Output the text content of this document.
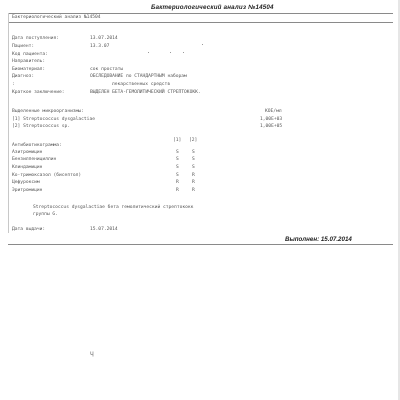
Бактериологический анализ №14504
Бактериологический анализ №14504
Дата поступления:	13.07.2014
Пациент:	13.3.07
Код пациента:
Направитель:
Биоматериал:	сок простаты
Диагноз:	ОБСЛЕДОВАНИЕ по СТАНДАРТНЫМ наборам
:	лекарственных средств
Краткое заключение:	ВЫДЕЛЕН БЕТА-ГЕМОЛИТИЧЕСКИЙ СТРЕПТОКОКК.
Выделенные микроорганизмы:	КОЕ/мл
[1] Streptococcus dysgalactiae	1,00E+03
[2] Streptococcus sp.	1,00E+05
Антибиотикограмма:
[1] [2]
Азитромицин	S	S
Бензилпенициллин	S	S
Клиндамицин	S	S
Ко-тримоксазол (бисептол)	S	R
Цефуроксим	R	R
Эритромицин	R	R
Streptococcus dysgalactiae бета гемолитический стрептококк
группы G.
Дата выдачи:	15.07.2014
Выполнен: 15.07.2014
ɥ
